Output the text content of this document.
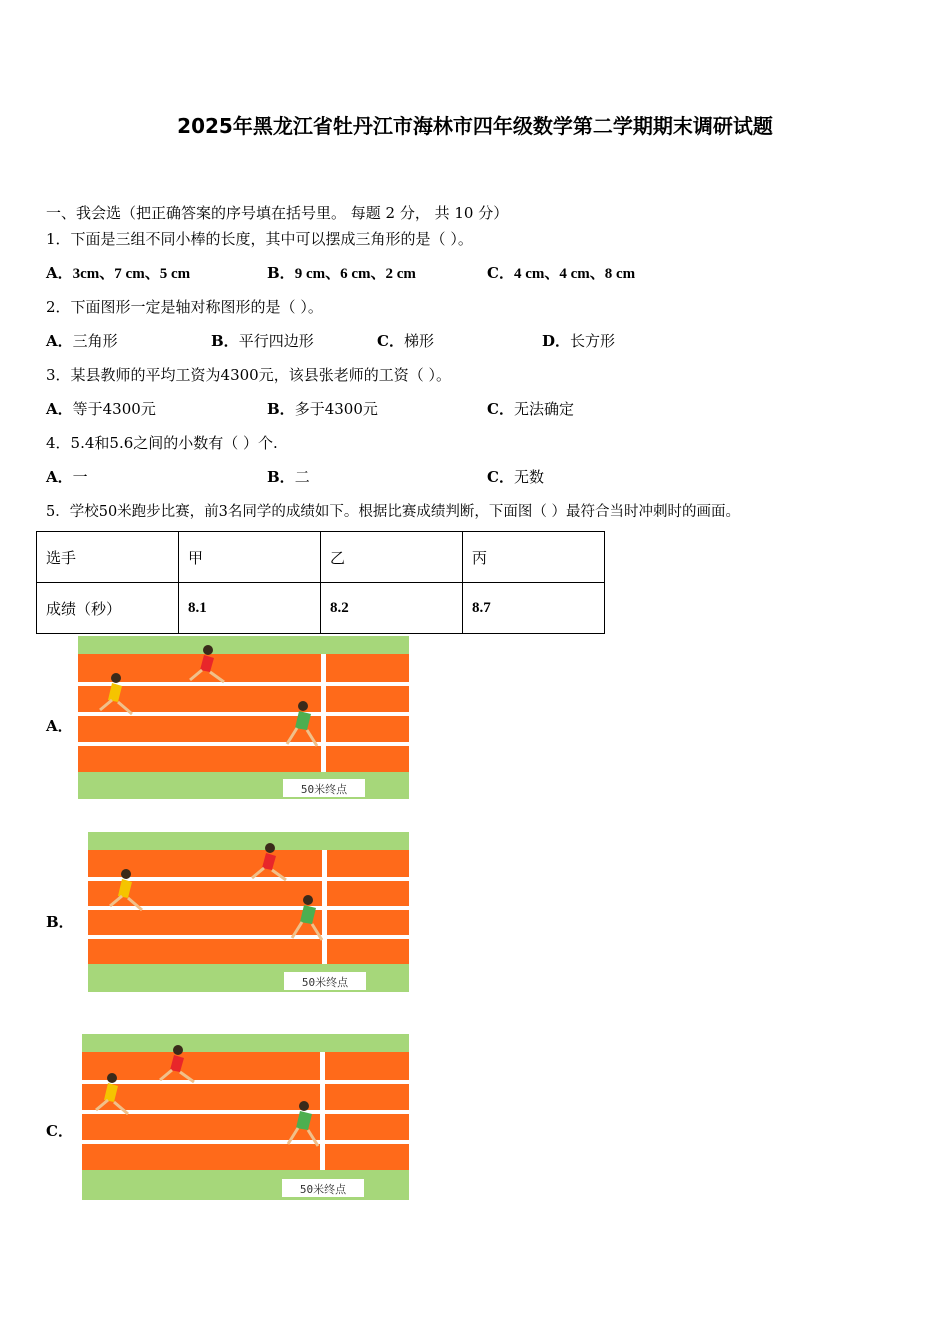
2025年黑龙江省牡丹江市海林市四年级数学第二学期期末调研试题
一、我会选（把正确答案的序号填在括号里。 每题 2 分， 共 10 分）
1．下面是三组不同小棒的长度，其中可以摆成三角形的是（ ）。
A．3cm、7 cm、5 cm	B．9 cm、6 cm、2 cm	C．4 cm、4 cm、8 cm
2．下面图形一定是轴对称图形的是（ ）。
A．三角形	B．平行四边形	C．梯形	D．长方形
3．某县教师的平均工资为4300元，该县张老师的工资（ ）。
A．等于4300元	B．多于4300元	C．无法确定
4．5.4和5.6之间的小数有（ ）个.
A．一	B．二	C．无数
5．学校50米跑步比赛，前3名同学的成绩如下。根据比赛成绩判断，下面图（ ）最符合当时冲刺时的画面。
选手	甲	乙	丙
成绩（秒）	8.1	8.2	8.7
A．
50米终点
B．
50米终点
C．
50米终点
